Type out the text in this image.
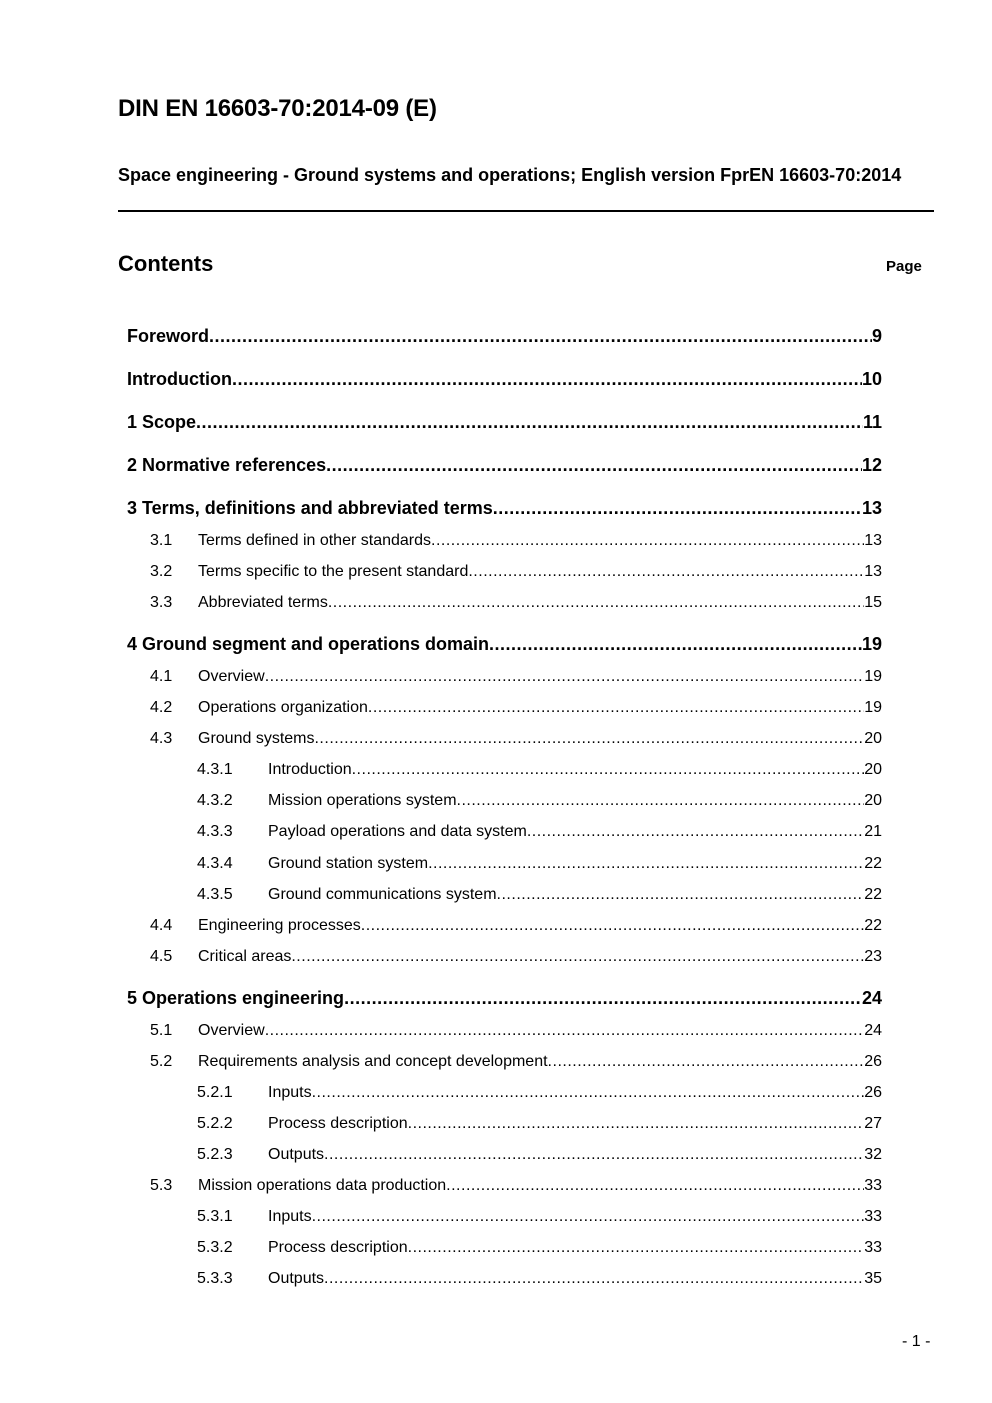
DIN EN 16603-70:2014-09 (E)
Space engineering - Ground systems and operations; English version FprEN 16603-70:2014
Contents	Page
Foreword .....	9
Introduction .....	10
1 Scope .....	11
2 Normative references .....	12
3 Terms, definitions and abbreviated terms .....	13
3.1	Terms defined in other standards .....	13
3.2	Terms specific to the present standard .....	13
3.3	Abbreviated terms .....	15
4 Ground segment and operations domain .....	19
4.1	Overview .....	19
4.2	Operations organization .....	19
4.3	Ground systems .....	20
4.3.1	Introduction .....	20
4.3.2	Mission operations system .....	20
4.3.3	Payload operations and data system .....	21
4.3.4	Ground station system .....	22
4.3.5	Ground communications system .....	22
4.4	Engineering processes .....	22
4.5	Critical areas .....	23
5 Operations engineering .....	24
5.1	Overview .....	24
5.2	Requirements analysis and concept development .....	26
5.2.1	Inputs .....	26
5.2.2	Process description .....	27
5.2.3	Outputs .....	32
5.3	Mission operations data production .....	33
5.3.1	Inputs .....	33
5.3.2	Process description .....	33
5.3.3	Outputs .....	35
- 1 -
